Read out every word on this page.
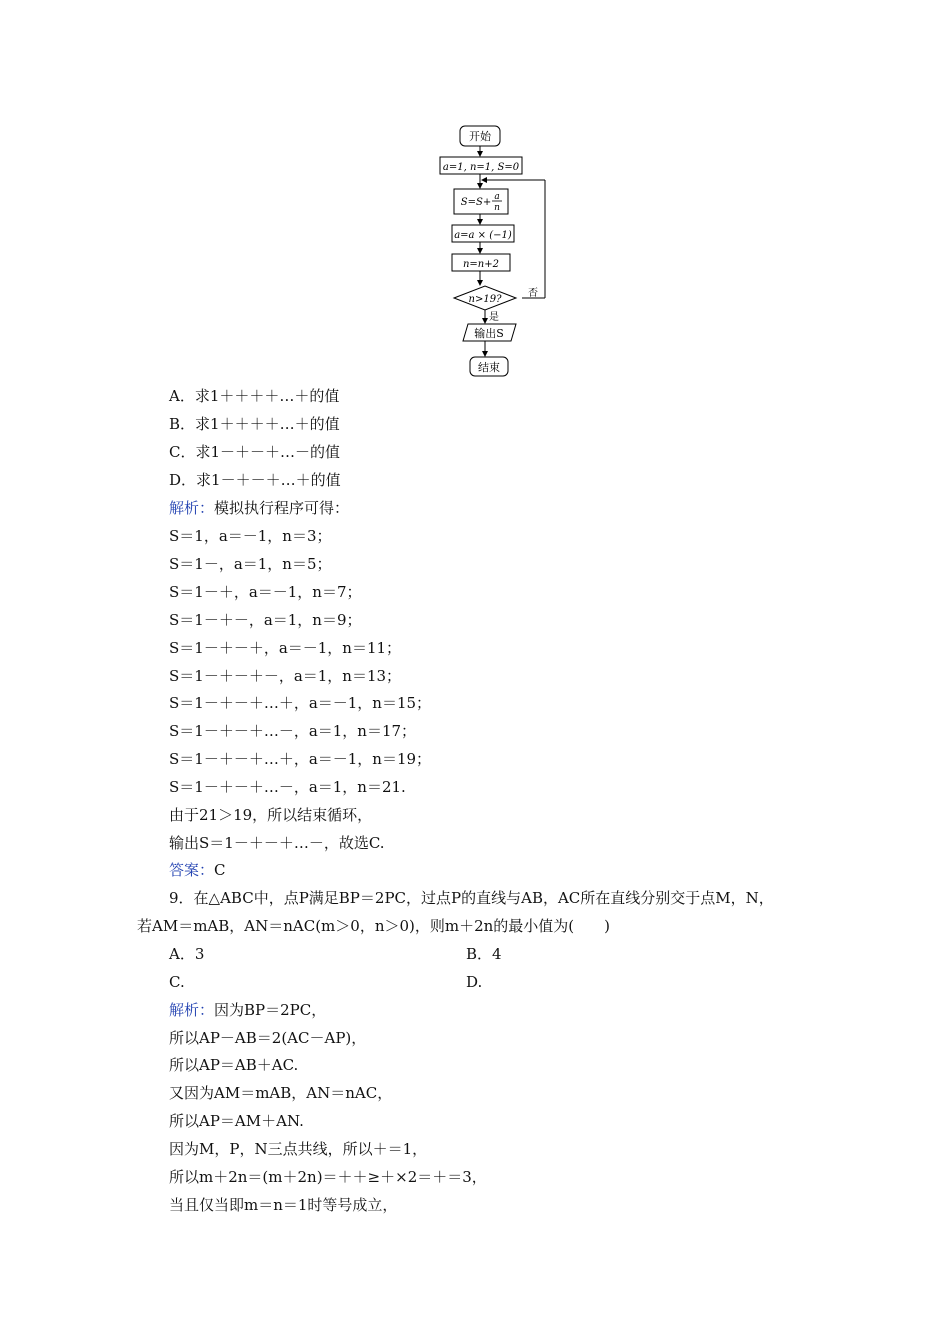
开始
a=1, n=1, S=0
S=S+ a
n
a=a × (−1)
n=n+2
n>19?
否
是
输出S
结束
A．求1＋＋＋＋…＋的值
B．求1＋＋＋＋…＋的值
C．求1－＋－＋…－的值
D．求1－＋－＋…＋的值
解析：模拟执行程序可得：
S＝1，a＝－1，n＝3；
S＝1－，a＝1，n＝5；
S＝1－＋，a＝－1，n＝7；
S＝1－＋－，a＝1，n＝9；
S＝1－＋－＋，a＝－1，n＝11；
S＝1－＋－＋－，a＝1，n＝13；
S＝1－＋－＋…＋，a＝－1，n＝15；
S＝1－＋－＋…－，a＝1，n＝17；
S＝1－＋－＋…＋，a＝－1，n＝19；
S＝1－＋－＋…－，a＝1，n＝21.
由于21＞19，所以结束循环，
输出S＝1－＋－＋…－，故选C.
答案：C
9．在△ABC中，点P满足BP＝2PC，过点P的直线与AB，AC所在直线分别交于点M，N，
若AM＝mAB，AN＝nAC(m＞0，n＞0)，则m＋2n的最小值为(　　)
A．3	B．4
C.	D.
解析：因为BP＝2PC，
所以AP－AB＝2(AC－AP)，
所以AP＝AB＋AC.
又因为AM＝mAB，AN＝nAC，
所以AP＝AM＋AN.
因为M，P，N三点共线，所以＋＝1，
所以m＋2n＝(m＋2n)＝＋＋≥＋×2＝＋＝3，
当且仅当即m＝n＝1时等号成立，
